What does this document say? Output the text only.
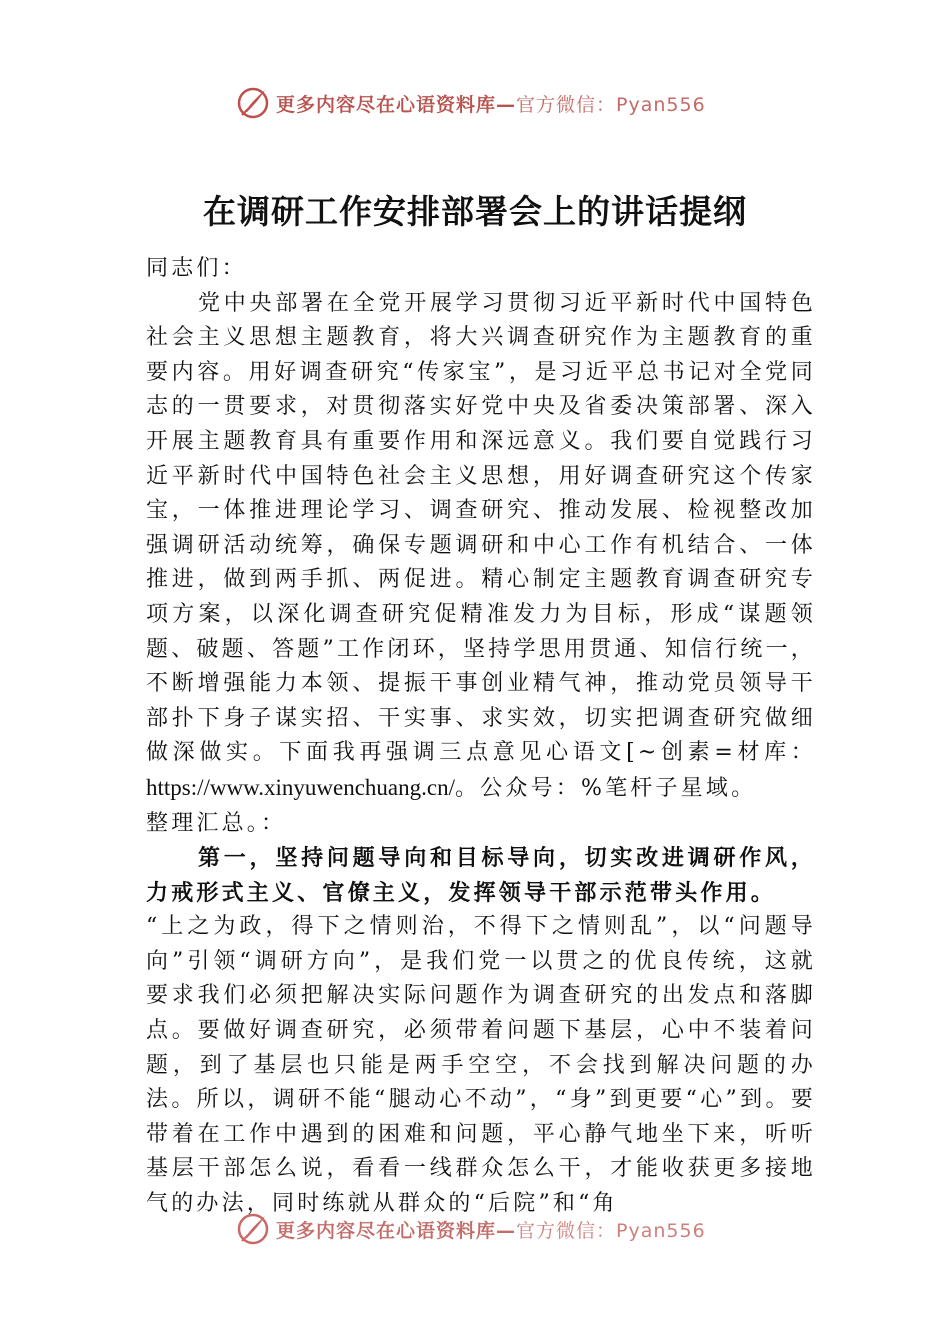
更多内容尽在心语资料库—官方微信：Pyan556
在调研工作安排部署会上的讲话提纲

同志们：

党中央部署在全党开展学习贯彻习近平新时代中国特色社会主义思想主题教育，将大兴调查研究作为主题教育的重要内容。用好调查研究“传家宝”，是习近平总书记对全党同志的一贯要求，对贯彻落实好党中央及省委决策部署、深入开展主题教育具有重要作用和深远意义。我们要自觉践行习近平新时代中国特色社会主义思想，用好调查研究这个传家宝，一体推进理论学习、调查研究、推动发展、检视整改加强调研活动统筹，确保专题调研和中心工作有机结合、一体推进，做到两手抓、两促进。精心制定主题教育调查研究专项方案，以深化调查研究促精准发力为目标，形成“谋题领题、破题、答题”工作闭环，坚持学思用贯通、知信行统一，不断增强能力本领、提振干事创业精气神，推动党员领导干部扑下身子谋实招、干实事、求实效，切实把调查研究做细做深做实。下面我再强调三点意见心语文[~创素=材库：https://www.xinyuwenchuang.cn/。公众号：%笔杆子星域。

整理汇总。：

第一，坚持问题导向和目标导向，切实改进调研作风，力戒形式主义、官僚主义，发挥领导干部示范带头作用。

“上之为政，得下之情则治，不得下之情则乱”，以“问题导向”引领“调研方向”，是我们党一以贯之的优良传统，这就要求我们必须把解决实际问题作为调查研究的出发点和落脚点。要做好调查研究，必须带着问题下基层，心中不装着问题，到了基层也只能是两手空空，不会找到解决问题的办法。所以，调研不能“腿动心不动”，“身”到更要“心”到。要带着在工作中遇到的困难和问题，平心静气地坐下来，听听基层干部怎么说，看看一线群众怎么干，才能收获更多接地气的办法，同时练就从群众的“后院”和“角

更多内容尽在心语资料库—官方微信：Pyan556
